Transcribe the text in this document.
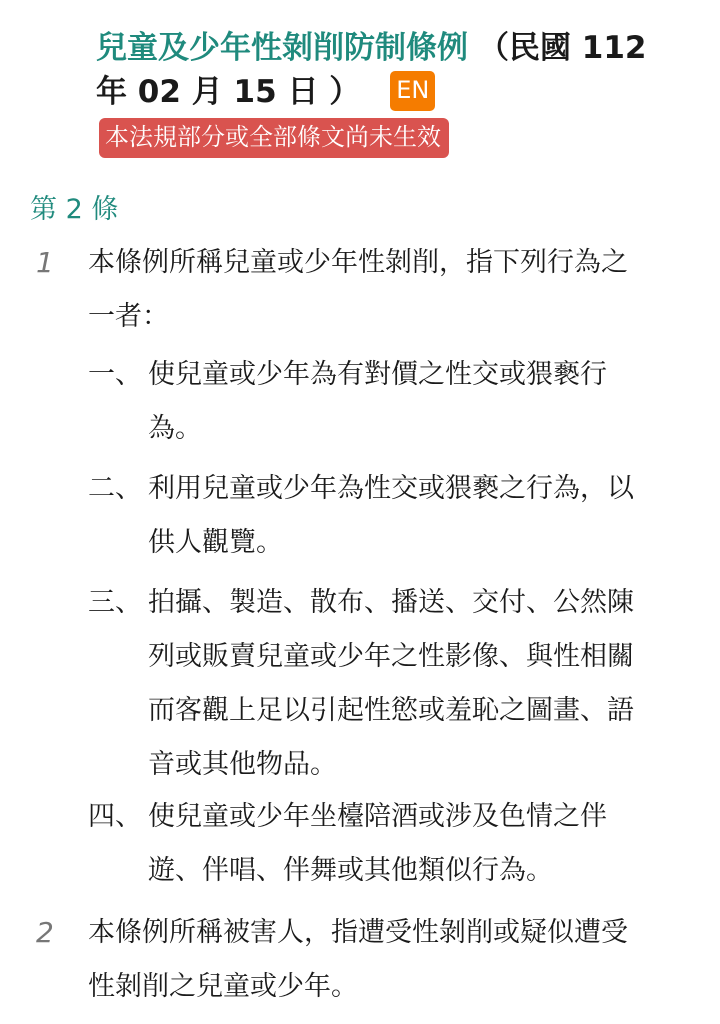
兒童及少年性剝削防制條例 （民國 112
年 02 月 15 日 ） EN
本法規部分或全部條文尚未生效
第 2 條
1	本條例所稱兒童或少年性剝削，指下列行為之
一者：
一、 使兒童或少年為有對價之性交或猥褻行
為。
二、 利用兒童或少年為性交或猥褻之行為，以
供人觀覽。
三、 拍攝、製造、散布、播送、交付、公然陳
列或販賣兒童或少年之性影像、與性相關
而客觀上足以引起性慾或羞恥之圖畫、語
音或其他物品。
四、 使兒童或少年坐檯陪酒或涉及色情之伴
遊、伴唱、伴舞或其他類似行為。
2	本條例所稱被害人，指遭受性剝削或疑似遭受
性剝削之兒童或少年。
